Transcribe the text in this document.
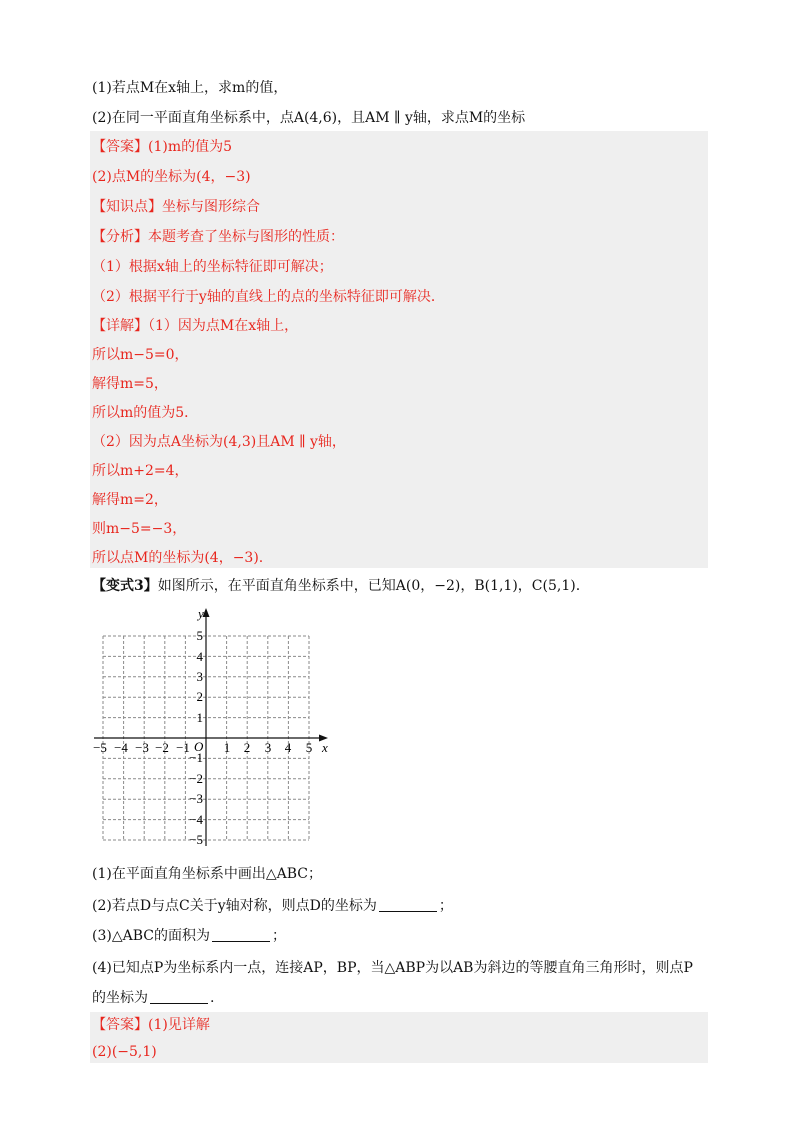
(1)若点M在x轴上，求m的值，
(2)在同一平面直角坐标系中，点A(4,6)，且AM ∥ y轴，求点M的坐标
【答案】(1)m的值为5
(2)点M的坐标为(4，−3)
【知识点】坐标与图形综合
【分析】本题考查了坐标与图形的性质：
（1）根据x轴上的坐标特征即可解决；
（2）根据平行于y轴的直线上的点的坐标特征即可解决．
【详解】（1）因为点M在x轴上，
所以m−5=0，
解得m=5，
所以m的值为5．
（2）因为点A坐标为(4,3)且AM ∥ y轴，
所以m+2=4，
解得m=2，
则m−5=−3，
所以点M的坐标为(4，−3).
【变式3】如图所示，在平面直角坐标系中，已知A(0，−2)，B(1,1)，C(5,1).
y
x
O
−5 −4 −3 −2 −1	1 2 3 4 5
5
4
3
2
1
−1
−2
−3
−4
−5
(1)在平面直角坐标系中画出△ABC；
(2)若点D与点C关于y轴对称，则点D的坐标为	；
(3)△ABC的面积为	；
(4)已知点P为坐标系内一点，连接AP，BP，当△ABP为以AB为斜边的等腰直角三角形时，则点P
的坐标为	.
【答案】(1)见详解
(2)(−5,1)
